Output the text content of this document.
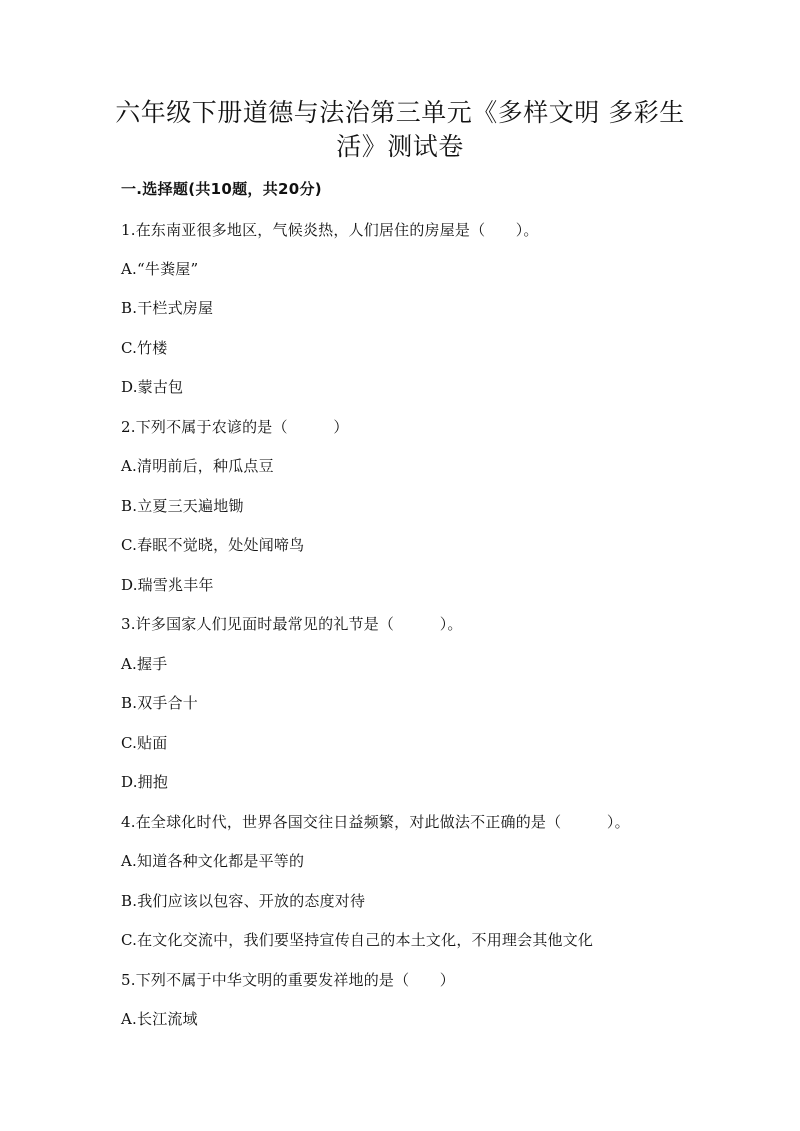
六年级下册道德与法治第三单元《多样文明 多彩生活》测试卷
一.选择题(共10题，共20分)
1.在东南亚很多地区，气候炎热，人们居住的房屋是（　　）。
A.“牛粪屋”
B.干栏式房屋
C.竹楼
D.蒙古包
2.下列不属于农谚的是（　　　）
A.清明前后，种瓜点豆
B.立夏三天遍地锄
C.春眠不觉晓，处处闻啼鸟
D.瑞雪兆丰年
3.许多国家人们见面时最常见的礼节是（　　　）。
A.握手
B.双手合十
C.贴面
D.拥抱
4.在全球化时代，世界各国交往日益频繁，对此做法不正确的是（　　　）。
A.知道各种文化都是平等的
B.我们应该以包容、开放的态度对待
C.在文化交流中，我们要坚持宣传自己的本土文化，不用理会其他文化
5.下列不属于中华文明的重要发祥地的是（　　）
A.长江流域
